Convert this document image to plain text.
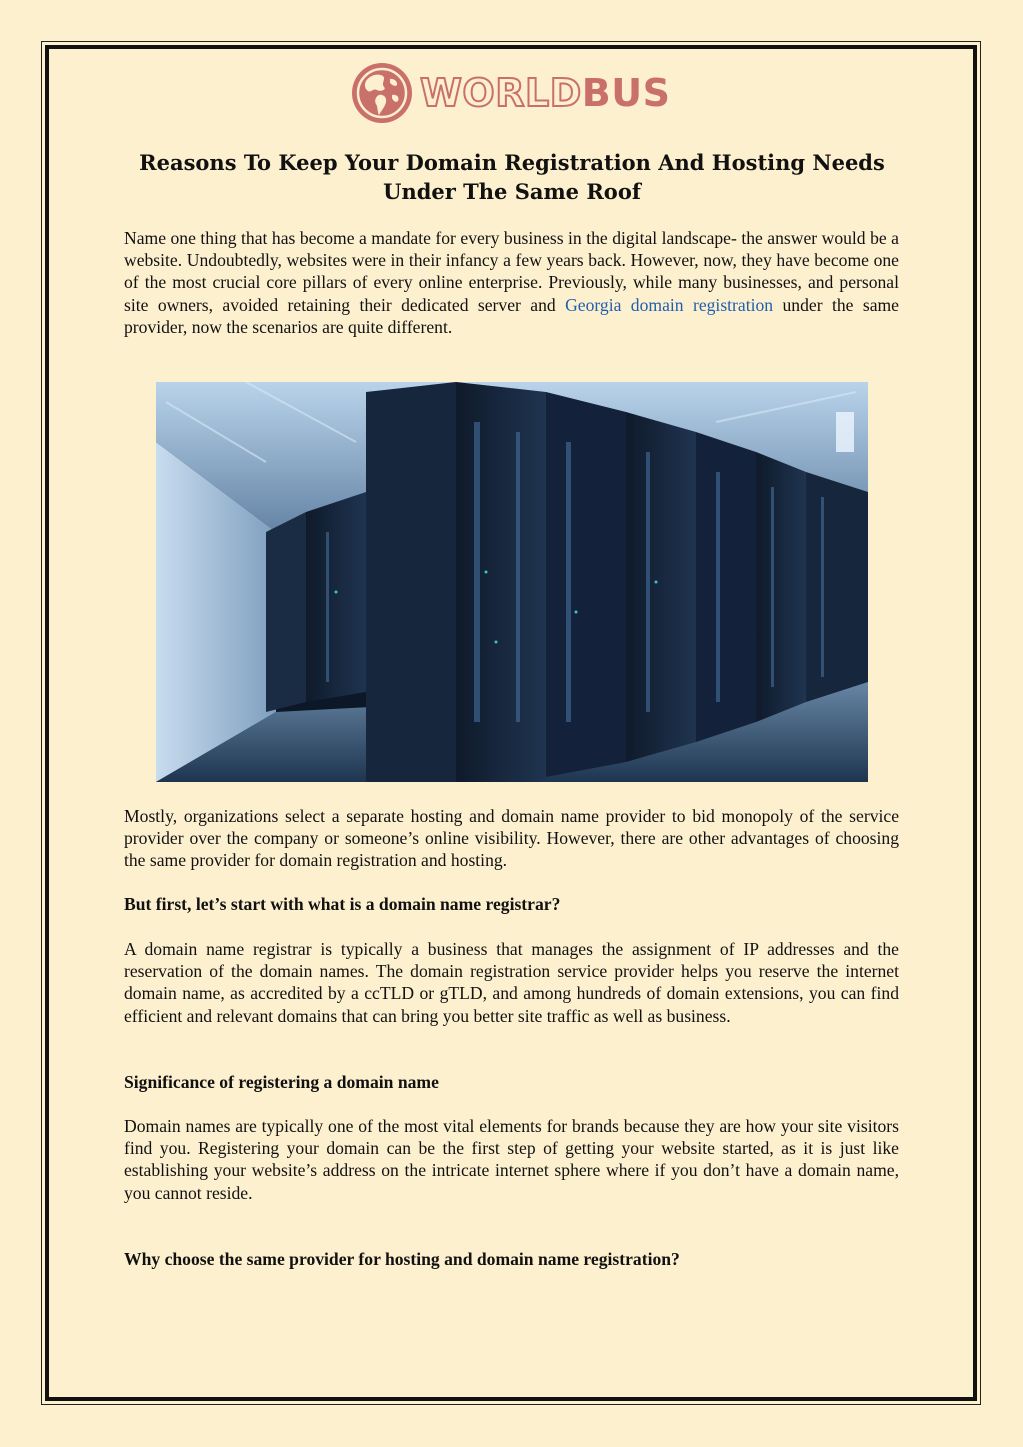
WORLDBUS
Reasons To Keep Your Domain Registration And Hosting Needs Under The Same Roof

Name one thing that has become a mandate for every business in the digital landscape- the answer would be a website. Undoubtedly, websites were in their infancy a few years back. However, now, they have become one of the most crucial core pillars of every online enterprise. Previously, while many businesses, and personal site owners, avoided retaining their dedicated server and Georgia domain registration under the same provider, now the scenarios are quite different.

Mostly, organizations select a separate hosting and domain name provider to bid monopoly of the service provider over the company or someone’s online visibility. However, there are other advantages of choosing the same provider for domain registration and hosting.

But first, let’s start with what is a domain name registrar?

A domain name registrar is typically a business that manages the assignment of IP addresses and the reservation of the domain names. The domain registration service provider helps you reserve the internet domain name, as accredited by a ccTLD or gTLD, and among hundreds of domain extensions, you can find efficient and relevant domains that can bring you better site traffic as well as business.

Significance of registering a domain name

Domain names are typically one of the most vital elements for brands because they are how your site visitors find you. Registering your domain can be the first step of getting your website started, as it is just like establishing your website’s address on the intricate internet sphere where if you don’t have a domain name, you cannot reside.

Why choose the same provider for hosting and domain name registration?
